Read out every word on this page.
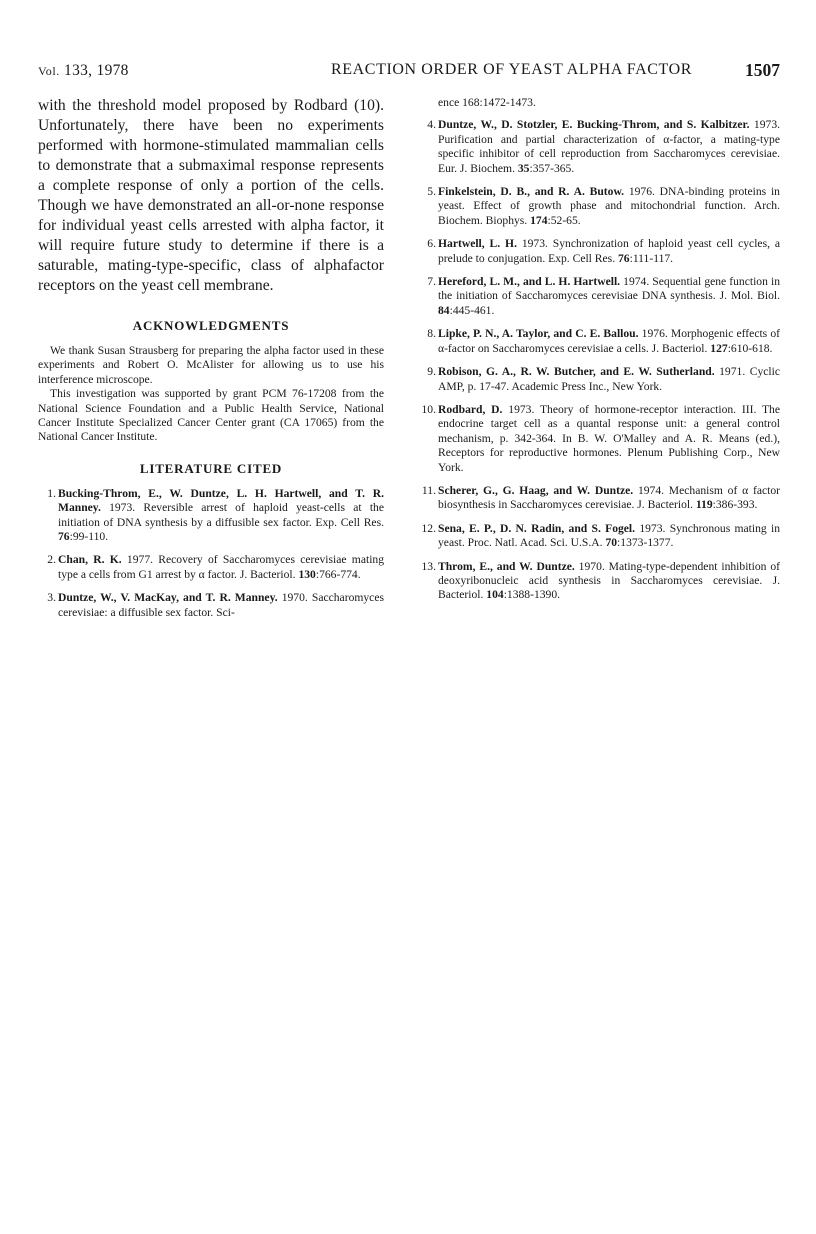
Vol. 133, 1978	REACTION ORDER OF YEAST ALPHA FACTOR	1507

with the threshold model proposed by Rodbard (10). Unfortunately, there have been no experiments performed with hormone-stimulated mammalian cells to demonstrate that a submaximal response represents a complete response of only a portion of the cells. Though we have demonstrated an all-or-none response for individual yeast cells arrested with alpha factor, it will require future study to determine if there is a saturable, mating-type-specific, class of alphafactor receptors on the yeast cell membrane.

ACKNOWLEDGMENTS

We thank Susan Strausberg for preparing the alpha factor used in these experiments and Robert O. McAlister for allowing us to use his interference microscope.

This investigation was supported by grant PCM 76-17208 from the National Science Foundation and a Public Health Service, National Cancer Institute Specialized Cancer Center grant (CA 17065) from the National Cancer Institute.

LITERATURE CITED
1 . Bucking-Throm, E., W. Duntze, L. H. Hartwell, and T. R. Manney. 1973. Reversible arrest of haploid yeast-cells at the initiation of DNA synthesis by a diffusible sex factor. Exp. Cell Res. 76:99-110.
2 . Chan, R. K. 1977. Recovery of Saccharomyces cerevisiae mating type a cells from G1 arrest by α factor. J. Bacteriol. 130:766-774.
3 . Duntze, W., V. MacKay, and T. R. Manney. 1970. Saccharomyces cerevisiae: a diffusible sex factor. Sci-
ence 168:1472-1473.
4 . Duntze, W., D. Stotzler, E. Bucking-Throm, and S. Kalbitzer. 1973. Purification and partial characterization of α-factor, a mating-type specific inhibitor of cell reproduction from Saccharomyces cerevisiae. Eur. J. Biochem. 35:357-365.
5 . Finkelstein, D. B., and R. A. Butow. 1976. DNA-binding proteins in yeast. Effect of growth phase and mitochondrial function. Arch. Biochem. Biophys. 174:52-65.
6 . Hartwell, L. H. 1973. Synchronization of haploid yeast cell cycles, a prelude to conjugation. Exp. Cell Res. 76:111-117.
7 . Hereford, L. M., and L. H. Hartwell. 1974. Sequential gene function in the initiation of Saccharomyces cerevisiae DNA synthesis. J. Mol. Biol. 84:445-461.
8 . Lipke, P. N., A. Taylor, and C. E. Ballou. 1976. Morphogenic effects of α-factor on Saccharomyces cerevisiae a cells. J. Bacteriol. 127:610-618.
9 . Robison, G. A., R. W. Butcher, and E. W. Sutherland. 1971. Cyclic AMP, p. 17-47. Academic Press Inc., New York.
10 . Rodbard, D. 1973. Theory of hormone-receptor interaction. III. The endocrine target cell as a quantal response unit: a general control mechanism, p. 342-364. In B. W. O'Malley and A. R. Means (ed.), Receptors for reproductive hormones. Plenum Publishing Corp., New York.
11 . Scherer, G., G. Haag, and W. Duntze. 1974. Mechanism of α factor biosynthesis in Saccharomyces cerevisiae. J. Bacteriol. 119:386-393.
12 . Sena, E. P., D. N. Radin, and S. Fogel. 1973. Synchronous mating in yeast. Proc. Natl. Acad. Sci. U.S.A. 70:1373-1377.
13 . Throm, E., and W. Duntze. 1970. Mating-type-dependent inhibition of deoxyribonucleic acid synthesis in Saccharomyces cerevisiae. J. Bacteriol. 104:1388-1390.
